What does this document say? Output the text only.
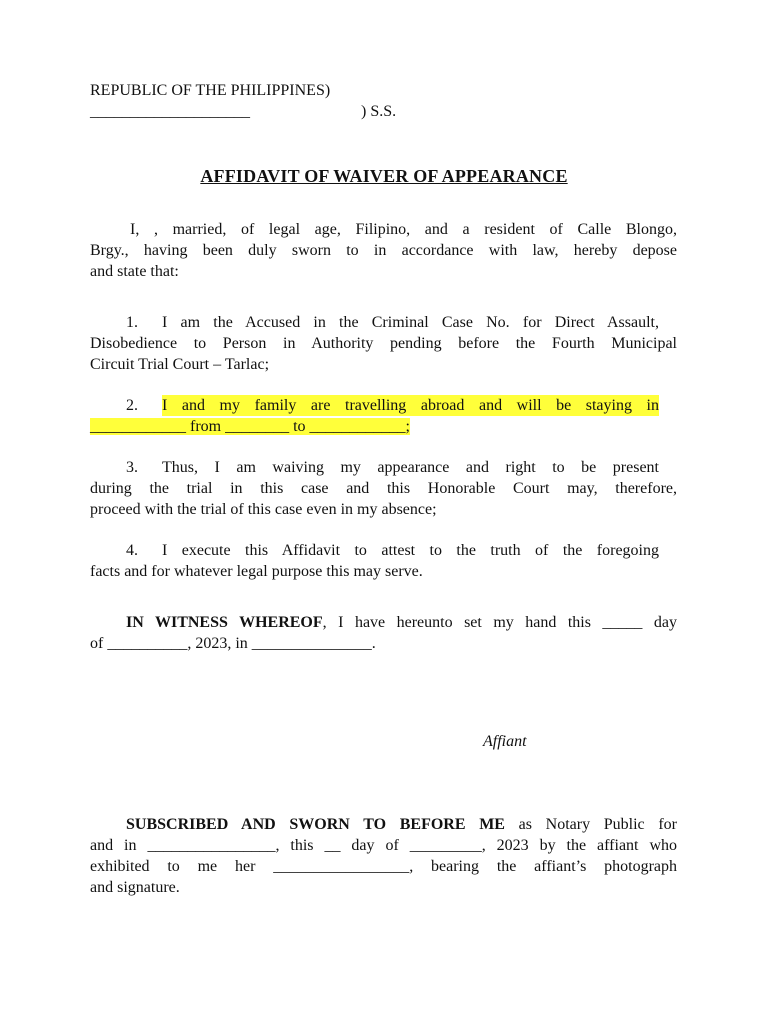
REPUBLIC OF THE PHILIPPINES)
____________________	) S.S.
AFFIDAVIT OF WAIVER OF APPEARANCE
I, , married, of legal age, Filipino, and a resident of Calle Blongo,
Brgy., having been duly sworn to in accordance with law, hereby depose
and state that:
1. I am the Accused in the Criminal Case No. for Direct Assault,
Disobedience to Person in Authority pending before the Fourth Municipal
Circuit Trial Court – Tarlac;
2. I and my family are travelling abroad and will be staying in
____________ from ________ to ____________;
3. Thus, I am waiving my appearance and right to be present
during the trial in this case and this Honorable Court may, therefore,
proceed with the trial of this case even in my absence;
4. I execute this Affidavit to attest to the truth of the foregoing
facts and for whatever legal purpose this may serve.
IN WITNESS WHEREOF, I have hereunto set my hand this _____ day
of __________, 2023, in _______________.
Affiant
SUBSCRIBED AND SWORN TO BEFORE ME as Notary Public for
and in ________________, this __ day of _________, 2023 by the affiant who
exhibited to me her _________________, bearing the affiant’s photograph
and signature.
